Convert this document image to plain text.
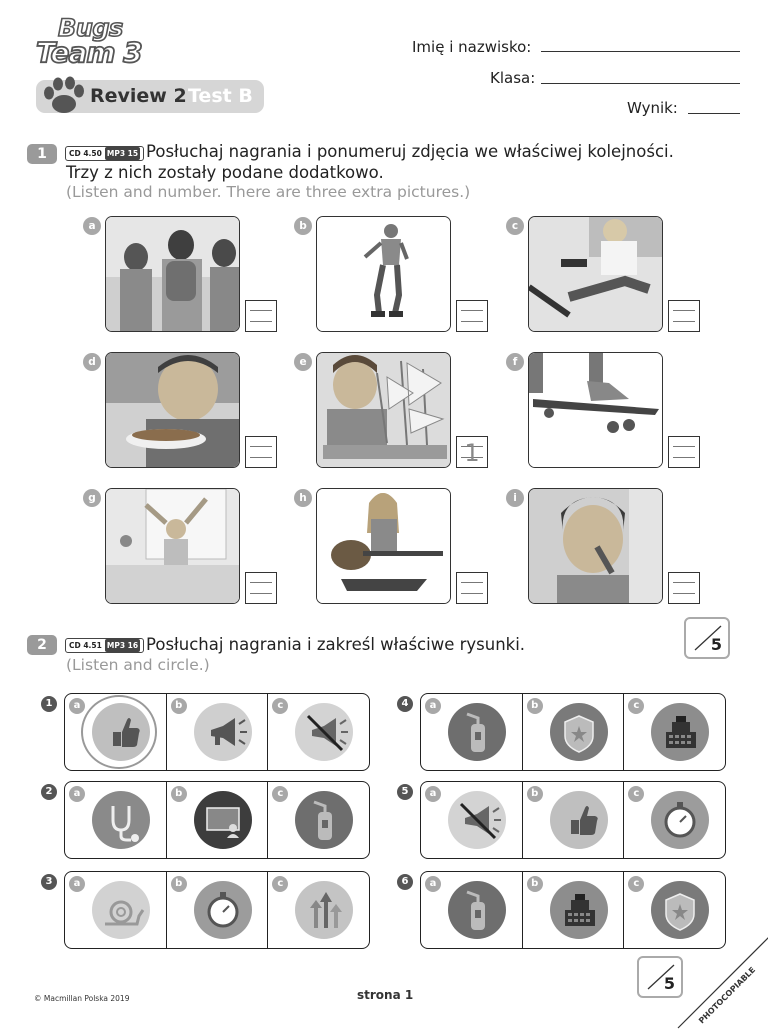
Bugs
Team 3
Review 2 Test B
Imię i nazwisko:
Klasa:
Wynik:
1	CD 4.50 MP3 15 Posłuchaj nagrania i ponumeruj zdjęcia we właściwej kolejności.
Trzy z nich zostały podane dodatkowo.
(Listen and number. There are three extra pictures.)
a	b	c
d	e
1
f
g	h	i
5
2	CD 4.51 MP3 16 Posłuchaj nagrania i zakreśl właściwe rysunki.
(Listen and circle.)
1	a	b	c
2	a	b	c
3	a	b	c
4	a	b	c
5	a	b	c
6	a	b	c
5
© Macmillan Polska 2019	strona 1	PHOTOCOPIABLE
